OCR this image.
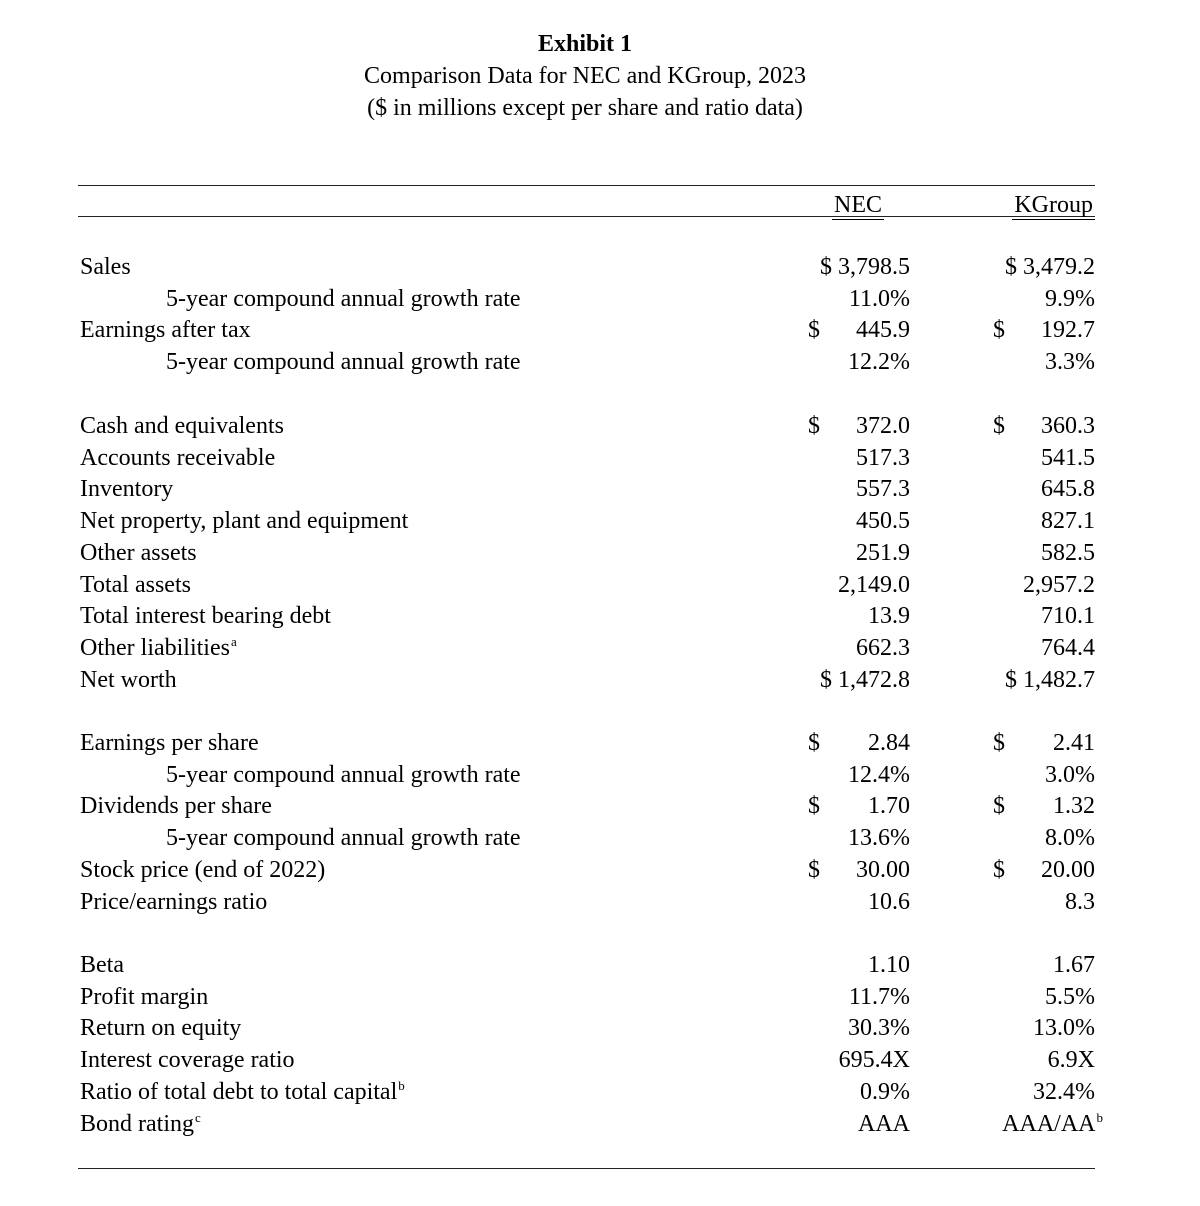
Exhibit 1
Comparison Data for NEC and KGroup, 2023
($ in millions except per share and ratio data)
NEC	KGroup
Sales	$ 3,798.5	$ 3,479.2
5-year compound annual growth rate	11.0%	9.9%
Earnings after tax	$ 445.9	$ 192.7
5-year compound annual growth rate	12.2%	3.3%
Cash and equivalents	$ 372.0	$ 360.3
Accounts receivable	517.3	541.5
Inventory	557.3	645.8
Net property, plant and equipment	450.5	827.1
Other assets	251.9	582.5
Total assets	2,149.0	2,957.2
Total interest bearing debt	13.9	710.1
Other liabilities$^a$	662.3	764.4
Net worth	$ 1,472.8	$ 1,482.7
Earnings per share	$ 2.84	$ 2.41
5-year compound annual growth rate	12.4%	3.0%
Dividends per share	$ 1.70	$ 1.32
5-year compound annual growth rate	13.6%	8.0%
Stock price (end of 2022)	$ 30.00	$ 20.00
Price/earnings ratio	10.6	8.3
Beta	1.10	1.67
Profit margin	11.7%	5.5%
Return on equity	30.3%	13.0%
Interest coverage ratio	695.4X	6.9X
Ratio of total debt to total capital$^b$	0.9%	32.4%
Bond rating$^c$	AAA	AAA/$AA^b$
